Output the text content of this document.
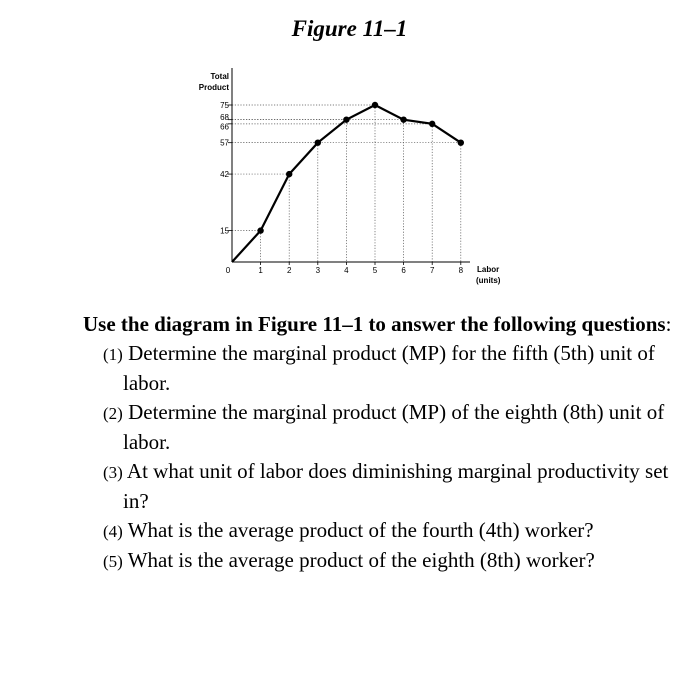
Figure 11–1
Total
Product
Labor
(units)
15
42
57
66
68
75
0	1	2	3	4	5	6	7	8
Use the diagram in Figure 11–1 to answer the following questions:
(1) Determine the marginal product (MP) for the fifth (5th) unit of labor.
(2) Determine the marginal product (MP) of the eighth (8th) unit of labor.
(3) At what unit of labor does diminishing marginal productivity set in?
(4) What is the average product of the fourth (4th) worker?
(5) What is the average product of the eighth (8th) worker?
